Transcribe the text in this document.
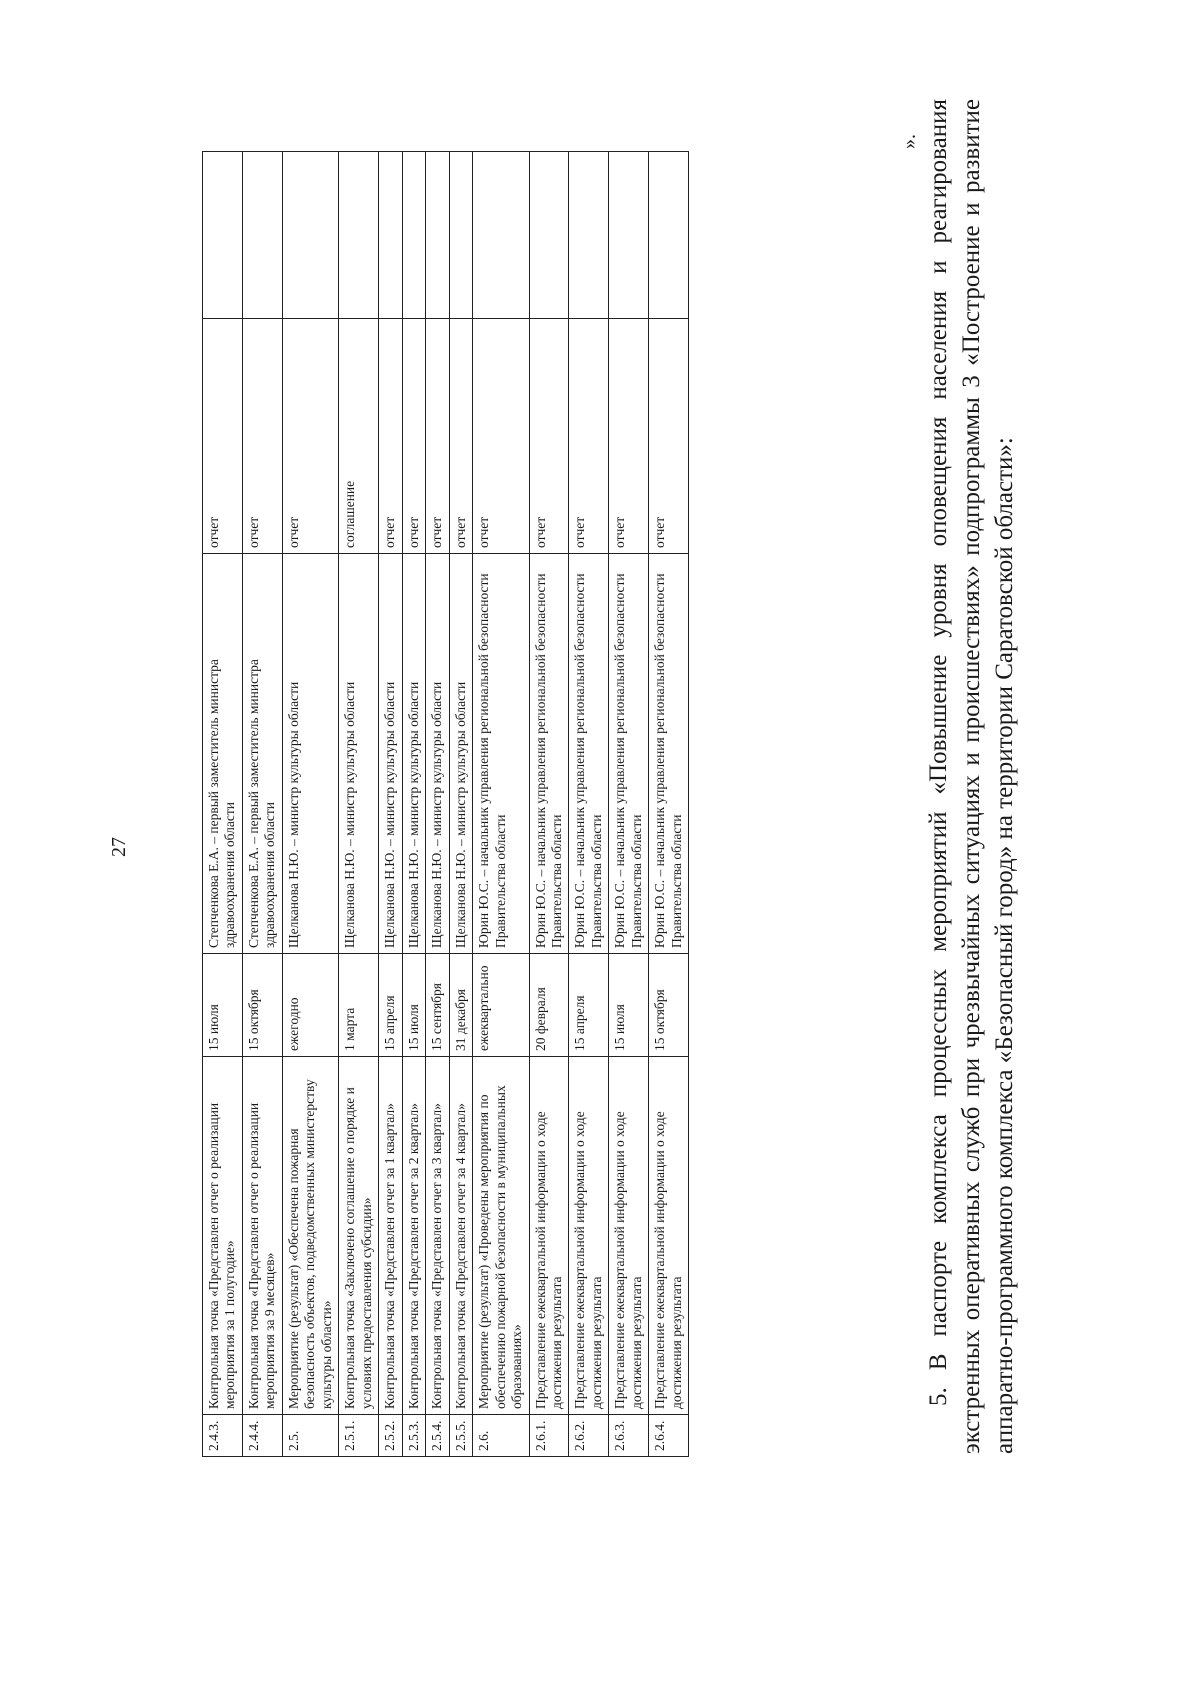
27
2.4.3.	Контрольная точка «Представлен отчет о реализации мероприятия за 1 полугодие»	15 июля	Степченкова Е.А. – первый заместитель министра здравоохранения области	отчет	
2.4.4.	Контрольная точка «Представлен отчет о реализации мероприятия за 9 месяцев»	15 октября	Степченкова Е.А. – первый заместитель министра здравоохранения области	отчет	
2.5.	Мероприятие (результат) «Обеспечена пожарная безопасность объектов, подведомственных министерству культуры области»	ежегодно	Щелканова Н.Ю. – министр культуры области	отчет	
2.5.1.	Контрольная точка «Заключено соглашение о порядке и условиях предоставления субсидии»	1 марта	Щелканова Н.Ю. – министр культуры области	соглашение	
2.5.2.	Контрольная точка «Представлен отчет за 1 квартал»	15 апреля	Щелканова Н.Ю. – министр культуры области	отчет	
2.5.3.	Контрольная точка «Представлен отчет за 2 квартал»	15 июля	Щелканова Н.Ю. – министр культуры области	отчет	
2.5.4.	Контрольная точка «Представлен отчет за 3 квартал»	15 сентября	Щелканова Н.Ю. – министр культуры области	отчет	
2.5.5.	Контрольная точка «Представлен отчет за 4 квартал»	31 декабря	Щелканова Н.Ю. – министр культуры области	отчет	
2.6.	Мероприятие (результат) «Проведены мероприятия по обеспечению пожарной безопасности в муниципальных образованиях»	ежеквартально	Юрин Ю.С. – начальник управления региональной безопасности Правительства области	отчет	
2.6.1.	Представление ежеквартальной информации о ходе достижения результата	20 февраля	Юрин Ю.С. – начальник управления региональной безопасности Правительства области	отчет	
2.6.2.	Представление ежеквартальной информации о ходе достижения результата	15 апреля	Юрин Ю.С. – начальник управления региональной безопасности Правительства области	отчет	
2.6.3.	Представление ежеквартальной информации о ходе достижения результата	15 июля	Юрин Ю.С. – начальник управления региональной безопасности Правительства области	отчет	
2.6.4.	Представление ежеквартальной информации о ходе достижения результата	15 октября	Юрин Ю.С. – начальник управления региональной безопасности Правительства области	отчет	
». 5. В паспорте комплекса процессных мероприятий «Повышение уровня оповещения населения и реагирования экстренных оперативных служб при чрезвычайных ситуациях и происшествиях» подпрограммы 3 «Построение и развитие аппаратно-программного комплекса «Безопасный город» на территории Саратовской области»:
